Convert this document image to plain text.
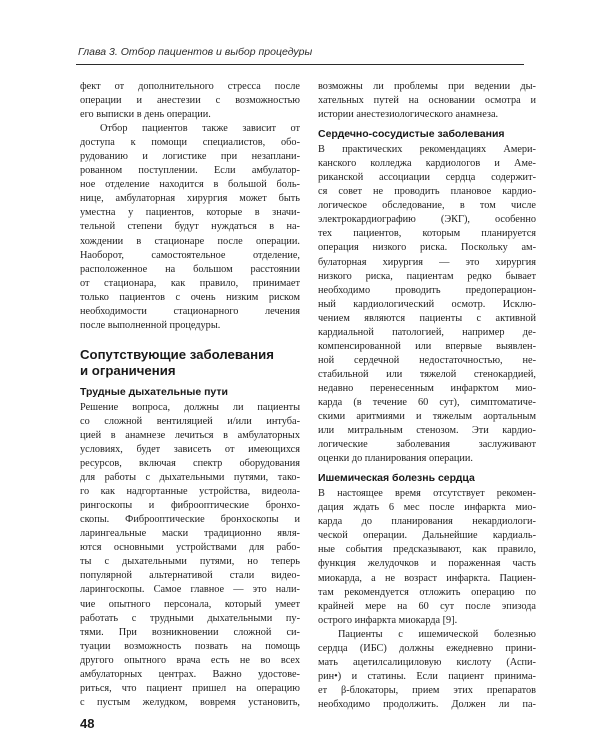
Глава 3. Отбор пациентов и выбор процедуры
фект от дополнительного стресса после
операции и анестезии с возможностью
его выписки в день операции.
Отбор пациентов также зависит от
доступа к помощи специалистов, обо-
рудованию и логистике при незаплани-
рованном поступлении. Если амбулатор-
ное отделение находится в большой боль-
нице, амбулаторная хирургия может быть
уместна у пациентов, которые в значи-
тельной степени будут нуждаться в на-
хождении в стационаре после операции.
Наоборот, самостоятельное отделение,
расположенное на большом расстоянии
от стационара, как правило, принимает
только пациентов с очень низким риском
необходимости стационарного лечения
после выполненной процедуры.
Сопутствующие заболевания
и ограничения
Трудные дыхательные пути
Решение вопроса, должны ли пациенты
со сложной вентиляцией и/или интуба-
цией в анамнезе лечиться в амбулаторных
условиях, будет зависеть от имеющихся
ресурсов, включая спектр оборудования
для работы с дыхательными путями, тако-
го как надгортанные устройства, видеола-
рингоскопы и фиброоптические бронхо-
скопы. Фиброоптические бронхоскопы и
ларингеальные маски традиционно явля-
ются основными устройствами для рабо-
ты с дыхательными путями, но теперь
популярной альтернативой стали видео-
ларингоскопы. Самое главное — это нали-
чие опытного персонала, который умеет
работать с трудными дыхательными пу-
тями. При возникновении сложной си-
туации возможность позвать на помощь
другого опытного врача есть не во всех
амбулаторных центрах. Важно удостове-
риться, что пациент пришел на операцию
с пустым желудком, вовремя установить,
возможны ли проблемы при ведении ды-
хательных путей на основании осмотра и
истории анестезиологического анамнеза.
Сердечно-сосудистые заболевания
В практических рекомендациях Амери-
канского колледжа кардиологов и Аме-
риканской ассоциации сердца содержит-
ся совет не проводить плановое кардио-
логическое обследование, в том числе
электрокардиографию (ЭКГ), особенно
тех пациентов, которым планируется
операция низкого риска. Поскольку ам-
булаторная хирургия — это хирургия
низкого риска, пациентам редко бывает
необходимо проводить предоперацион-
ный кардиологический осмотр. Исклю-
чением являются пациенты с активной
кардиальной патологией, например де-
компенсированной или впервые выявлен-
ной сердечной недостаточностью, не-
стабильной или тяжелой стенокардией,
недавно перенесенным инфарктом мио-
карда (в течение 60 сут), симптоматиче-
скими аритмиями и тяжелым аортальным
или митральным стенозом. Эти кардио-
логические заболевания заслуживают
оценки до планирования операции.
Ишемическая болезнь сердца
В настоящее время отсутствует рекомен-
дация ждать 6 мес после инфаркта мио-
карда до планирования некардиологи-
ческой операции. Дальнейшие кардиаль-
ные события предсказывают, как правило,
функция желудочков и пораженная часть
миокарда, а не возраст инфаркта. Пациен-
там рекомендуется отложить операцию по
крайней мере на 60 сут после эпизода
острого инфаркта миокарда [9].
Пациенты с ишемической болезнью
сердца (ИБС) должны ежедневно прини-
мать ацетилсалициловую кислоту (Аспи-
рин•) и статины. Если пациент принима-
ет β-блокаторы, прием этих препаратов
необходимо продолжить. Должен ли па-
48
